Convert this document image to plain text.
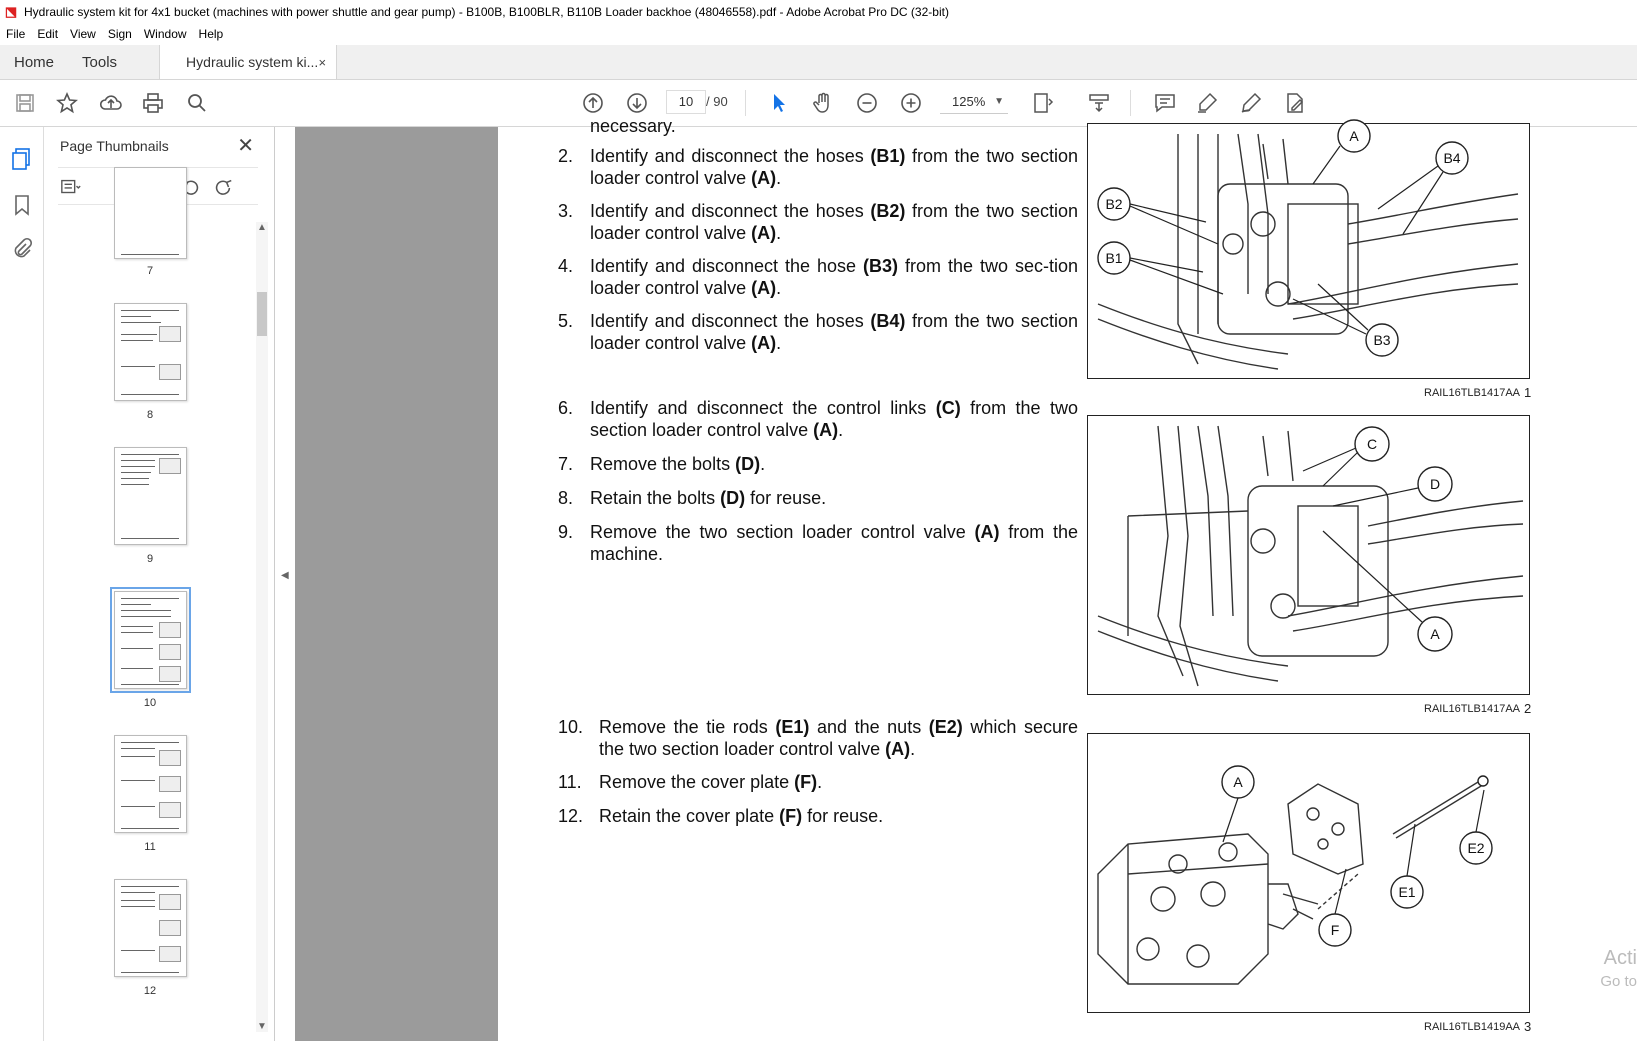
⬔ Hydraulic system kit for 4x1 bucket (machines with power shuttle and gear pump) - B100B, B100BLR, B110B Loader backhoe (48046558).pdf - Adobe Acrobat Pro DC (32-bit)
File	Edit	View	Sign	Window	Help
Home	Tools	Hydraulic system ki... ×
10 / 90	125% ▼
Page Thumbnails	✕
7
8
9
10
11
12
▲
▼
◀
necessary.
2. Identify and disconnect the hoses (B1) from the two section loader control valve (A).
3. Identify and disconnect the hoses (B2) from the two section loader control valve (A).
4. Identify and disconnect the hose (B3) from the two sec-tion loader control valve (A).
5. Identify and disconnect the hoses (B4) from the two section loader control valve (A).
6. Identify and disconnect the control links (C) from the two section loader control valve (A).
7. Remove the bolts (D).
8. Retain the bolts (D) for reuse.
9. Remove the two section loader control valve (A) from the machine.
10. Remove the tie rods (E1) and the nuts (E2) which secure the two section loader control valve (A).
11. Remove the cover plate (F).
12. Retain the cover plate (F) for reuse.
A
B4
B2
B1
B3
RAIL16TLB1417AA 1
C
D
A
RAIL16TLB1417AA 2
A
E2
E1
F
RAIL16TLB1419AA 3
Acti
Go to
